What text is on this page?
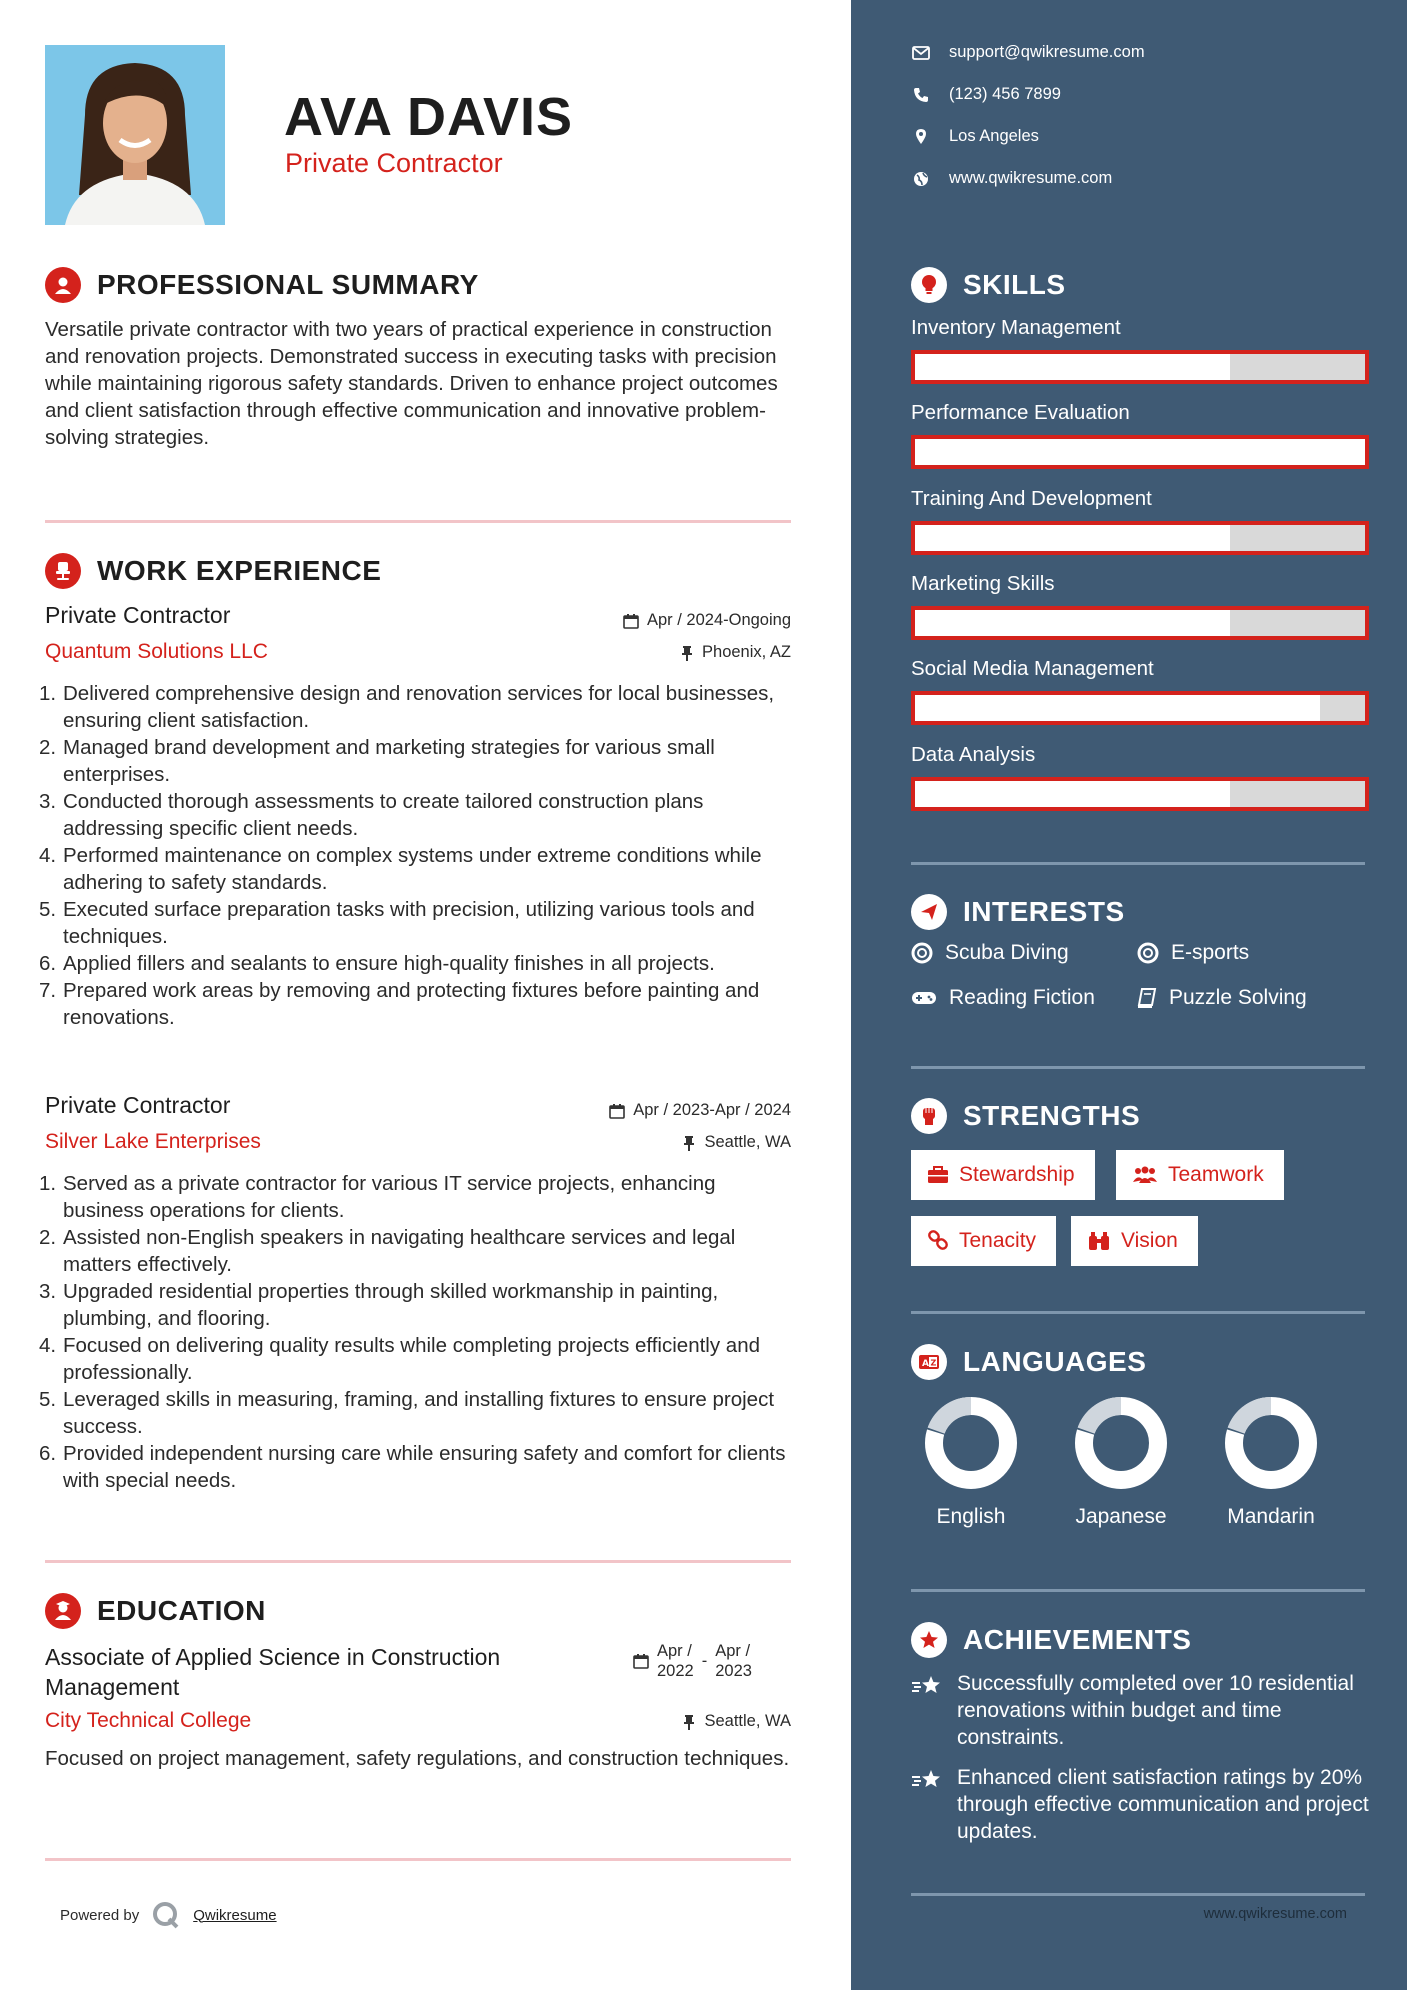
AVA DAVIS
Private Contractor
PROFESSIONAL SUMMARY
Versatile private contractor with two years of practical experience in construction and renovation projects. Demonstrated success in executing tasks with precision while maintaining rigorous safety standards. Driven to enhance project outcomes and client satisfaction through effective communication and innovative problem-solving strategies.
WORK EXPERIENCE
Private Contractor	Apr / 2024-Ongoing
Quantum Solutions LLC	Phoenix, AZ
Delivered comprehensive design and renovation services for local businesses, ensuring client satisfaction.
Managed brand development and marketing strategies for various small enterprises.
Conducted thorough assessments to create tailored construction plans addressing specific client needs.
Performed maintenance on complex systems under extreme conditions while adhering to safety standards.
Executed surface preparation tasks with precision, utilizing various tools and techniques.
Applied fillers and sealants to ensure high-quality finishes in all projects.
Prepared work areas by removing and protecting fixtures before painting and renovations.
Private Contractor	Apr / 2023-Apr / 2024
Silver Lake Enterprises	Seattle, WA
Served as a private contractor for various IT service projects, enhancing business operations for clients.
Assisted non-English speakers in navigating healthcare services and legal matters effectively.
Upgraded residential properties through skilled workmanship in painting, plumbing, and flooring.
Focused on delivering quality results while completing projects efficiently and professionally.
Leveraged skills in measuring, framing, and installing fixtures to ensure project success.
Provided independent nursing care while ensuring safety and comfort for clients with special needs.
EDUCATION
Associate of Applied Science in Construction Management
Apr /
2022
-
Apr /
2023
City Technical College	Seattle, WA
Focused on project management, safety regulations, and construction techniques.
Powered by	Qwikresume
support@qwikresume.com
(123) 456 7899
Los Angeles
www.qwikresume.com
SKILLS
Inventory Management
Performance Evaluation
Training And Development
Marketing Skills
Social Media Management
Data Analysis
INTERESTS
Scuba Diving	E-sports
Reading Fiction	Puzzle Solving
STRENGTHS
Stewardship	Teamwork
Tenacity	Vision
A Z LANGUAGES
English	Japanese	Mandarin
ACHIEVEMENTS
Successfully completed over 10 residential renovations within budget and time constraints.
Enhanced client satisfaction ratings by 20% through effective communication and project updates.
www.qwikresume.com
